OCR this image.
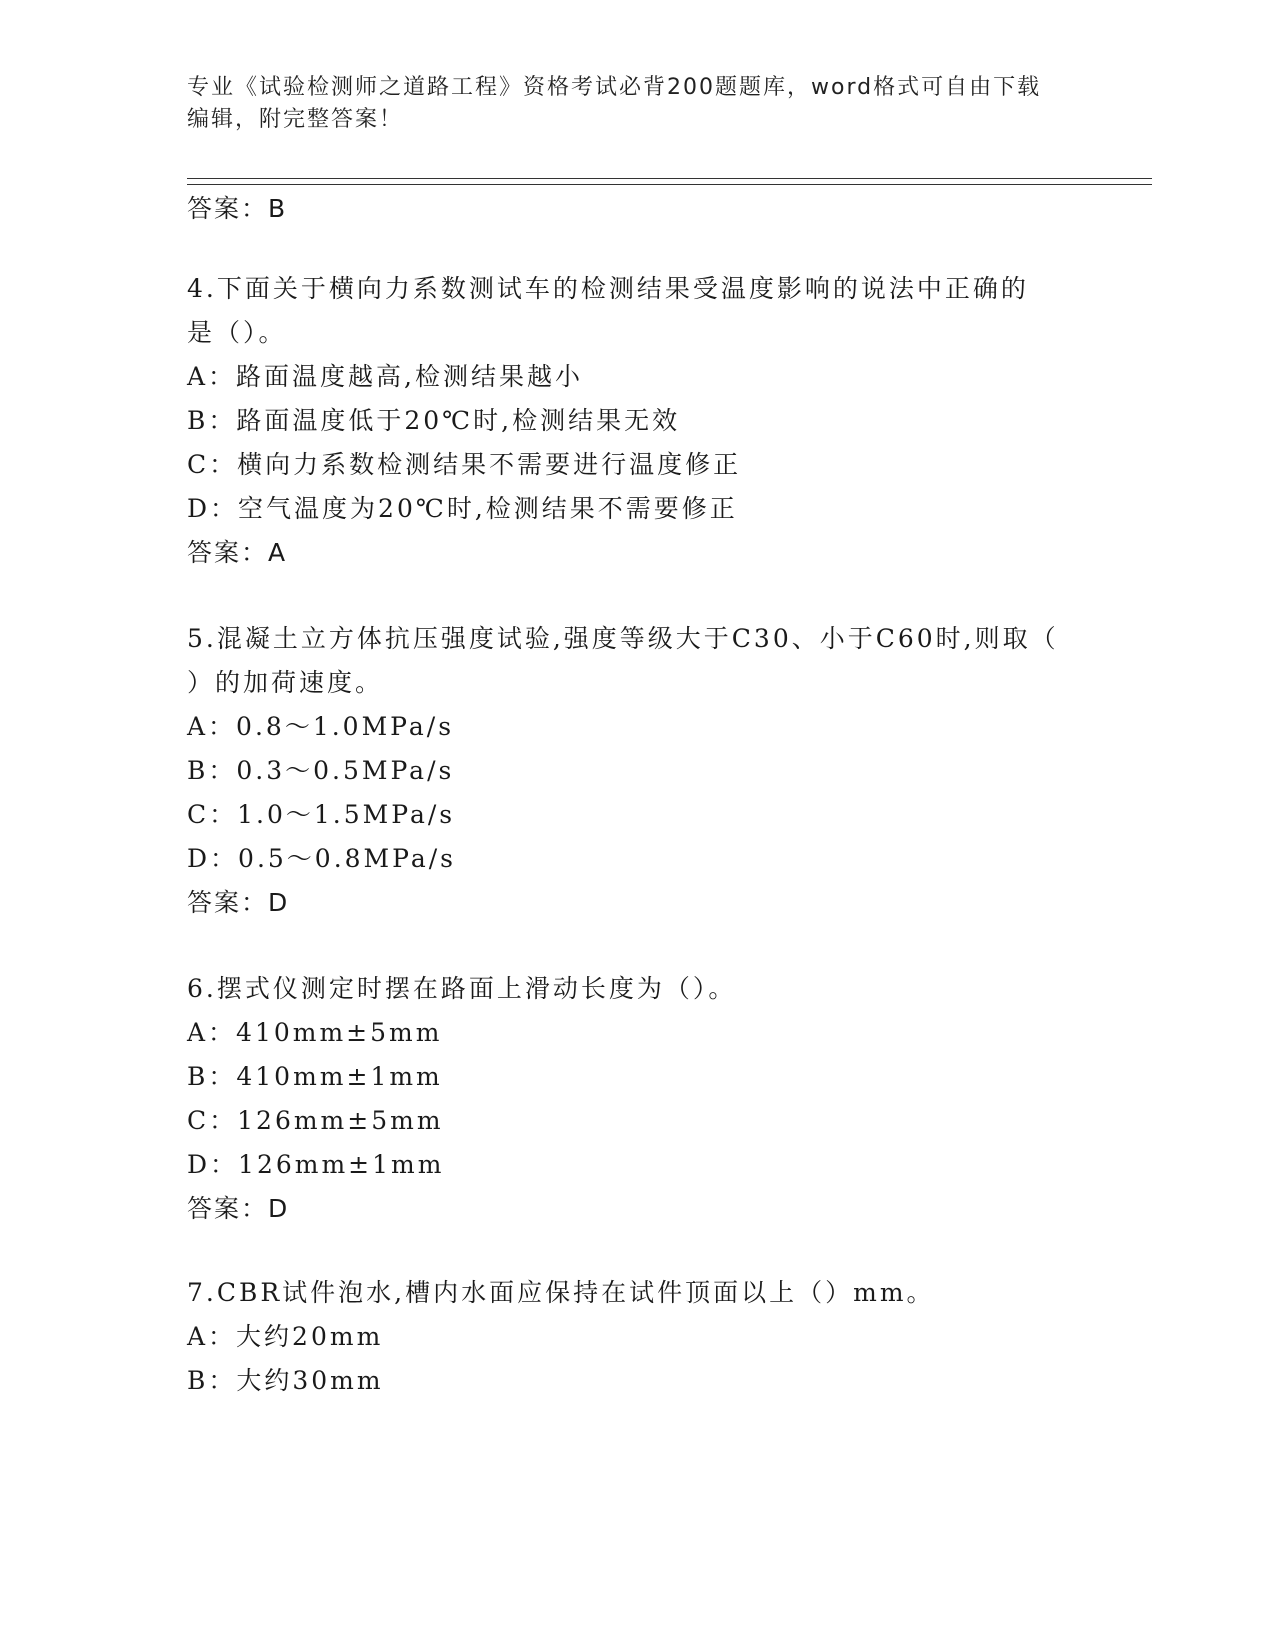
专业《试验检测师之道路工程》资格考试必背200题题库，word格式可自由下载
编辑，附完整答案！
答案：B
4.下面关于横向力系数测试车的检测结果受温度影响的说法中正确的
是（）。
A：路面温度越高,检测结果越小
B：路面温度低于20℃时,检测结果无效
C：横向力系数检测结果不需要进行温度修正
D：空气温度为20℃时,检测结果不需要修正
答案：A
5.混凝土立方体抗压强度试验,强度等级大于C30、小于C60时,则取（
）的加荷速度。
A：0.8～1.0MPa/s
B：0.3～0.5MPa/s
C：1.0～1.5MPa/s
D：0.5～0.8MPa/s
答案：D
6.摆式仪测定时摆在路面上滑动长度为（）。
A：410mm±5mm
B：410mm±1mm
C：126mm±5mm
D：126mm±1mm
答案：D
7.CBR试件泡水,槽内水面应保持在试件顶面以上（）mm。
A：大约20mm
B：大约30mm
